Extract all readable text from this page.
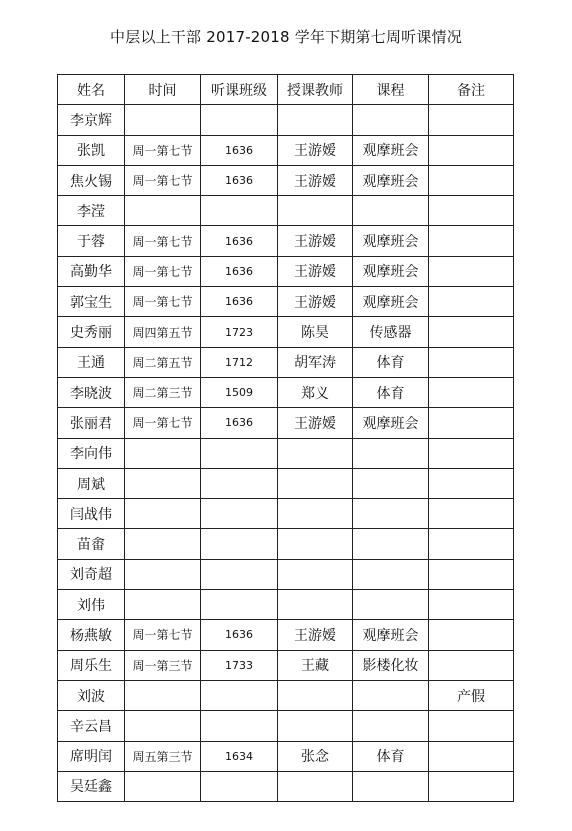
中层以上干部 2017-2018 学年下期第七周听课情况
姓名	时间	听课班级	授课教师	课程	备注
李京辉					
张凯	周一第七节	1636	王游嫒	观摩班会	
焦火锡	周一第七节	1636	王游嫒	观摩班会	
李滢					
于蓉	周一第七节	1636	王游嫒	观摩班会	
高勤华	周一第七节	1636	王游嫒	观摩班会	
郭宝生	周一第七节	1636	王游嫒	观摩班会	
史秀丽	周四第五节	1723	陈昊	传感器	
王通	周二第五节	1712	胡军涛	体育	
李晓波	周二第三节	1509	郑义	体育	
张丽君	周一第七节	1636	王游嫒	观摩班会	
李向伟					
周斌					
闫战伟					
苗畬					
刘奇超					
刘伟					
杨燕敏	周一第七节	1636	王游嫒	观摩班会	
周乐生	周一第三节	1733	王藏	影楼化妆	
刘波					产假
辛云昌					
席明闰	周五第三节	1634	张念	体育	
吴廷鑫					
